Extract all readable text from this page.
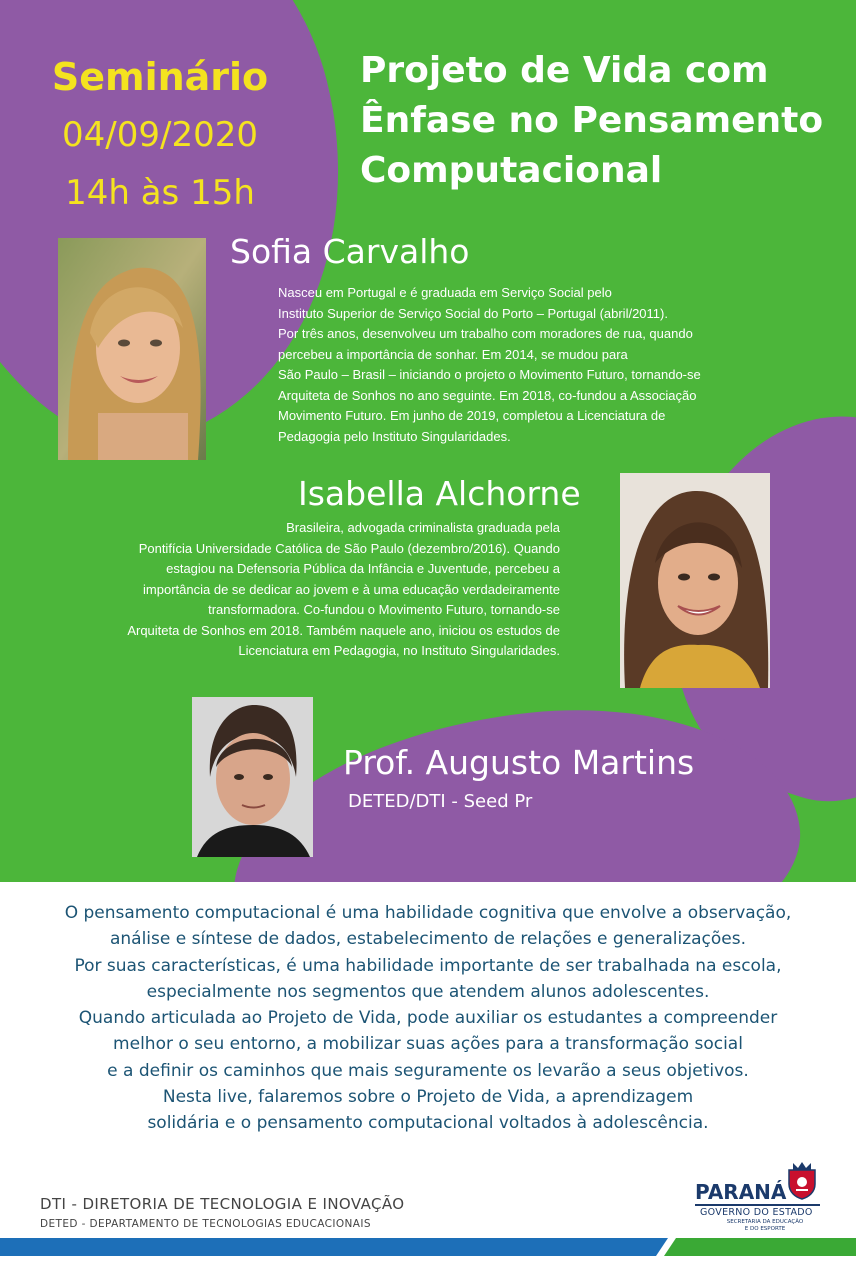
Seminário
04/09/2020
14h às 15h
Projeto de Vida com
Ênfase no Pensamento
Computacional
Sofia Carvalho
Nasceu em Portugal e é graduada em Serviço Social pelo
Instituto Superior de Serviço Social do Porto – Portugal (abril/2011).
Por três anos, desenvolveu um trabalho com moradores de rua, quando
percebeu a importância de sonhar. Em 2014, se mudou para
São Paulo – Brasil – iniciando o projeto o Movimento Futuro, tornando-se
Arquiteta de Sonhos no ano seguinte. Em 2018, co-fundou a Associação
Movimento Futuro. Em junho de 2019, completou a Licenciatura de
Pedagogia pelo Instituto Singularidades.
Isabella Alchorne
Brasileira, advogada criminalista graduada pela
Pontifícia Universidade Católica de São Paulo (dezembro/2016). Quando
estagiou na Defensoria Pública da Infância e Juventude, percebeu a
importância de se dedicar ao jovem e à uma educação verdadeiramente
transformadora. Co-fundou o Movimento Futuro, tornando-se
Arquiteta de Sonhos em 2018. Também naquele ano, iniciou os estudos de
Licenciatura em Pedagogia, no Instituto Singularidades.
Prof. Augusto Martins
DETED/DTI - Seed Pr
O pensamento computacional é uma habilidade cognitiva que envolve a observação,
análise e síntese de dados, estabelecimento de relações e generalizações.
Por suas características, é uma habilidade importante de ser trabalhada na escola,
especialmente nos segmentos que atendem alunos adolescentes.
Quando articulada ao Projeto de Vida, pode auxiliar os estudantes a compreender
melhor o seu entorno, a mobilizar suas ações para a transformação social
e a definir os caminhos que mais seguramente os levarão a seus objetivos.
Nesta live, falaremos sobre o Projeto de Vida, a aprendizagem
solidária e o pensamento computacional voltados à adolescência.
DTI - DIRETORIA DE TECNOLOGIA E INOVAÇÃO
DETED - DEPARTAMENTO DE TECNOLOGIAS EDUCACIONAIS
PARANÁ
GOVERNO DO ESTADO
SECRETARIA DA EDUCAÇÃO
E DO ESPORTE
